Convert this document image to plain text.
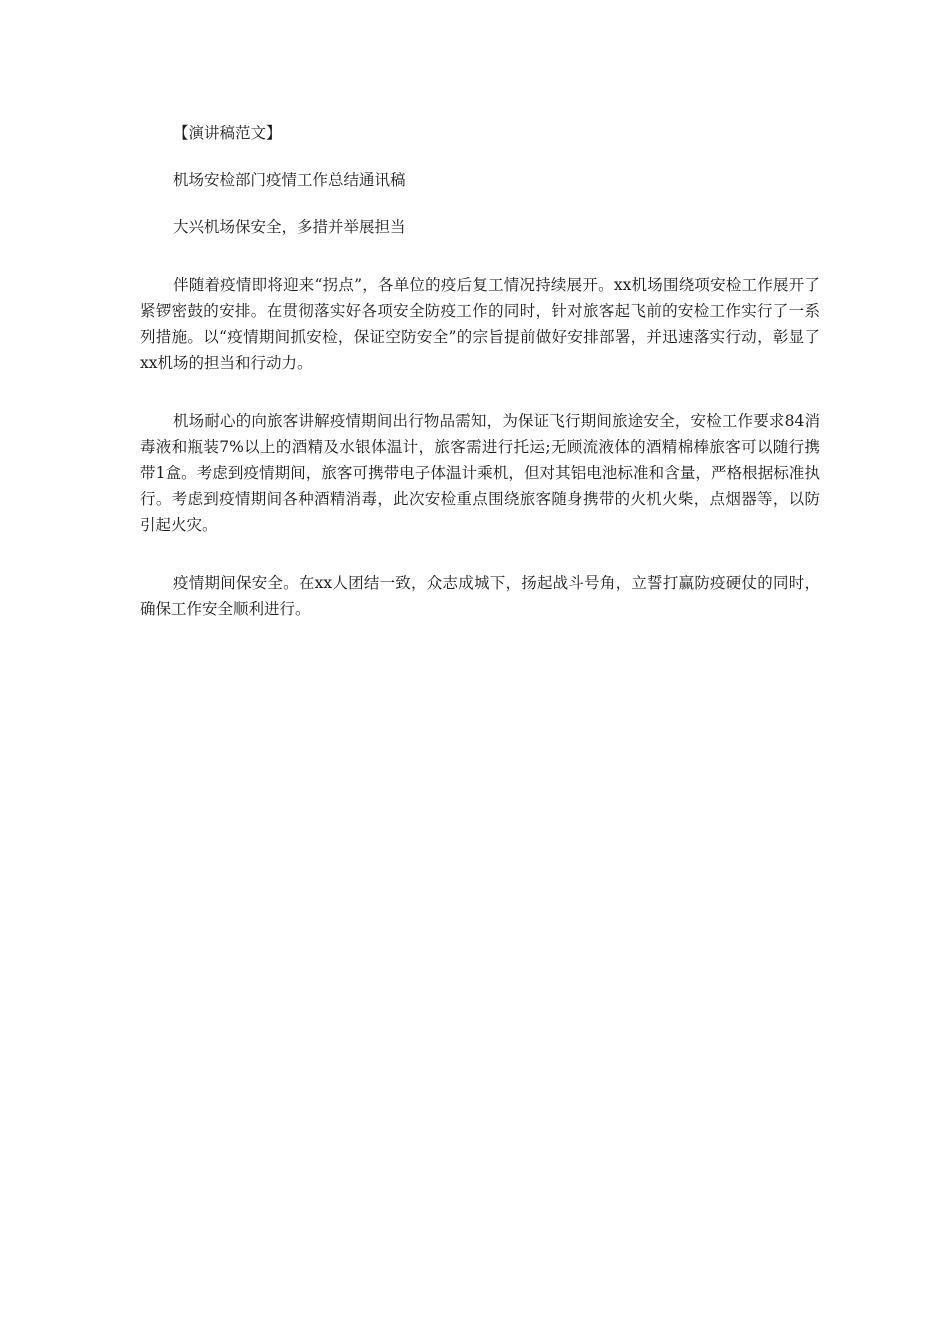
【演讲稿范文】

机场安检部门疫情工作总结通讯稿

大兴机场保安全，多措并举展担当

伴随着疫情即将迎来“拐点”，各单位的疫后复工情况持续展开。xx机场围绕项安检工作展开了紧锣密鼓的安排。在贯彻落实好各项安全防疫工作的同时，针对旅客起飞前的安检工作实行了一系列措施。以“疫情期间抓安检，保证空防安全”的宗旨提前做好安排部署，并迅速落实行动，彰显了xx机场的担当和行动力。

机场耐心的向旅客讲解疫情期间出行物品需知，为保证飞行期间旅途安全，安检工作要求84消毒液和瓶装7%以上的酒精及水银体温计，旅客需进行托运;无顾流液体的酒精棉棒旅客可以随行携带1盒。考虑到疫情期间，旅客可携带电子体温计乘机，但对其铝电池标准和含量，严格根据标准执行。考虑到疫情期间各种酒精消毒，此次安检重点围绕旅客随身携带的火机火柴，点烟器等，以防引起火灾。

疫情期间保安全。在xx人团结一致，众志成城下，扬起战斗号角，立誓打赢防疫硬仗的同时，确保工作安全顺利进行。
